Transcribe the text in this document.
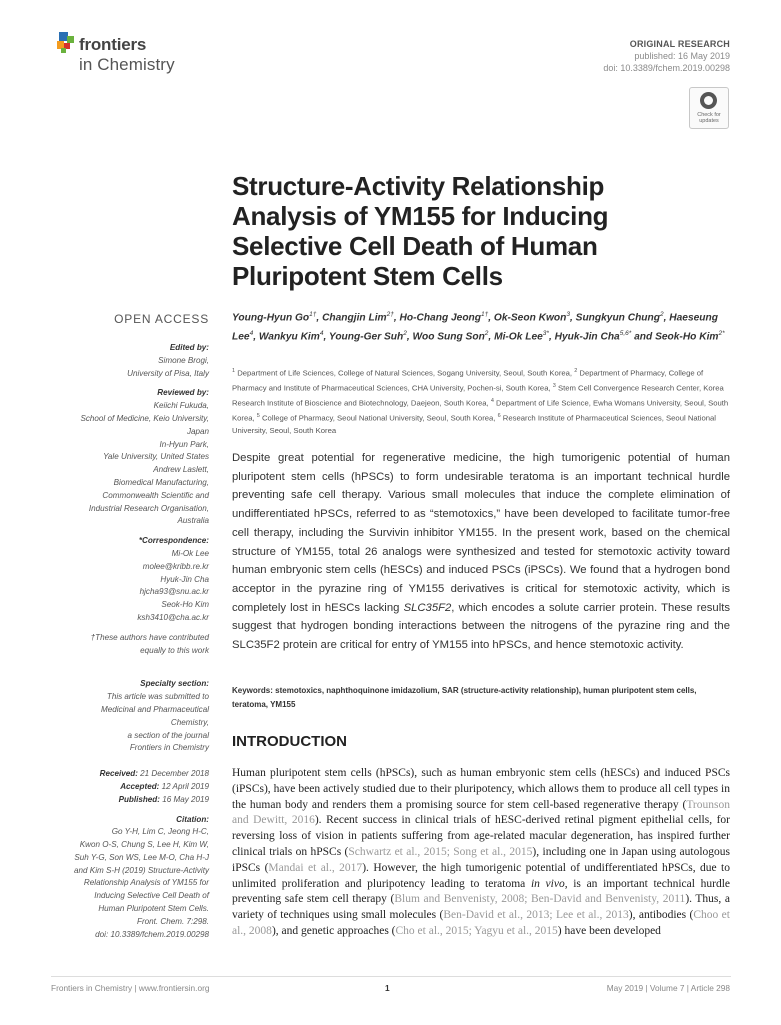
frontiers
in Chemistry
ORIGINAL RESEARCH
published: 16 May 2019
doi: 10.3389/fchem.2019.00298
Check for updates
Structure-Activity Relationship Analysis of YM155 for Inducing Selective Cell Death of Human Pluripotent Stem Cells
Young-Hyun $Go^{1\dagger}$, Changjin Lim$^{2\dagger}$, Ho-Chang Jeong$^{1\dagger}$, Ok-Seon Kwon$^3$, Sungkyun Chung$^2$, Haeseung Lee$^4$, Wankyu Kim$^4$, Young-Ger Suh$^2$, Woo Sung Son$^2$, Mi-Ok Lee$^{3*}$, Hyuk-Jin Cha$^{5,6*}$ and Seok-Ho Kim$^{2*}$
$^1$ Department of Life Sciences, College of Natural Sciences, Sogang University, Seoul, South Korea, $^2$ Department of Pharmacy, College of Pharmacy and Institute of Pharmaceutical Sciences, CHA University, Pochen-si, South Korea, $^3$ Stem Cell Convergence Research Center, Korea Research Institute of Bioscience and Biotechnology, Daejeon, South Korea, $^4$ Department of Life Science, Ewha Womans University, Seoul, South Korea, $^5$ College of Pharmacy, Seoul National University, Seoul, South Korea, $^6$ Research Institute of Pharmaceutical Sciences, Seoul National University, Seoul, South Korea
Despite great potential for regenerative medicine, the high tumorigenic potential of human pluripotent stem cells (hPSCs) to form undesirable teratoma is an important technical hurdle preventing safe cell therapy. Various small molecules that induce the complete elimination of undifferentiated hPSCs, referred to as “stemotoxics,” have been developed to facilitate tumor-free cell therapy, including the Survivin inhibitor YM155. In the present work, based on the chemical structure of YM155, total 26 analogs were synthesized and tested for stemotoxic activity toward human embryonic stem cells (hESCs) and induced PSCs (iPSCs). We found that a hydrogen bond acceptor in the pyrazine ring of YM155 derivatives is critical for stemotoxic activity, which is completely lost in hESCs lacking SLC35F2, which encodes a solute carrier protein. These results suggest that hydrogen bonding interactions between the nitrogens of the pyrazine ring and the SLC35F2 protein are critical for entry of YM155 into hPSCs, and hence stemotoxic activity.
Keywords: stemotoxics, naphthoquinone imidazolium, SAR (structure-activity relationship), human pluripotent stem cells, teratoma, YM155
INTRODUCTION
Human pluripotent stem cells (hPSCs), such as human embryonic stem cells (hESCs) and induced PSCs (iPSCs), have been actively studied due to their pluripotency, which allows them to produce all cell types in the human body and renders them a promising source for stem cell-based regenerative therapy (Trounson and Dewitt, 2016). Recent success in clinical trials of hESC-derived retinal pigment epithelial cells, for reversing loss of vision in patients suffering from age-related macular degeneration, has inspired further clinical trials on hPSCs (Schwartz et al., 2015; Song et al., 2015), including one in Japan using autologous iPSCs (Mandai et al., 2017). However, the high tumorigenic potential of undifferentiated hPSCs, due to unlimited proliferation and pluripotency leading to teratoma in vivo, is an important technical hurdle preventing safe stem cell therapy (Blum and Benvenisty, 2008; Ben-David and Benvenisty, 2011). Thus, a variety of techniques using small molecules (Ben-David et al., 2013; Lee et al., 2013), antibodies (Choo et al., 2008), and genetic approaches (Cho et al., 2015; Yagyu et al., 2015) have been developed
OPEN ACCESS
Edited by:
Simone Brogi,
University of Pisa, Italy
Reviewed by:
Keiichi Fukuda,
School of Medicine, Keio University,
Japan
In-Hyun Park,
Yale University, United States
Andrew Laslett,
Biomedical Manufacturing,
Commonwealth Scientific and
Industrial Research Organisation,
Australia
*Correspondence:
Mi-Ok Lee
molee@kribb.re.kr
Hyuk-Jin Cha
hjcha93@snu.ac.kr
Seok-Ho Kim
ksh3410@cha.ac.kr
†These authors have contributed
equally to this work
Specialty section:
This article was submitted to
Medicinal and Pharmaceutical
Chemistry,
a section of the journal
Frontiers in Chemistry
Received: 21 December 2018
Accepted: 12 April 2019
Published: 16 May 2019
Citation:
Go Y-H, Lim C, Jeong H-C,
Kwon O-S, Chung S, Lee H, Kim W,
Suh Y-G, Son WS, Lee M-O, Cha H-J
and Kim S-H (2019) Structure-Activity
Relationship Analysis of YM155 for
Inducing Selective Cell Death of
Human Pluripotent Stem Cells.
Front. Chem. 7:298.
doi: 10.3389/fchem.2019.00298
Frontiers in Chemistry | www.frontiersin.org	1	May 2019 | Volume 7 | Article 298
